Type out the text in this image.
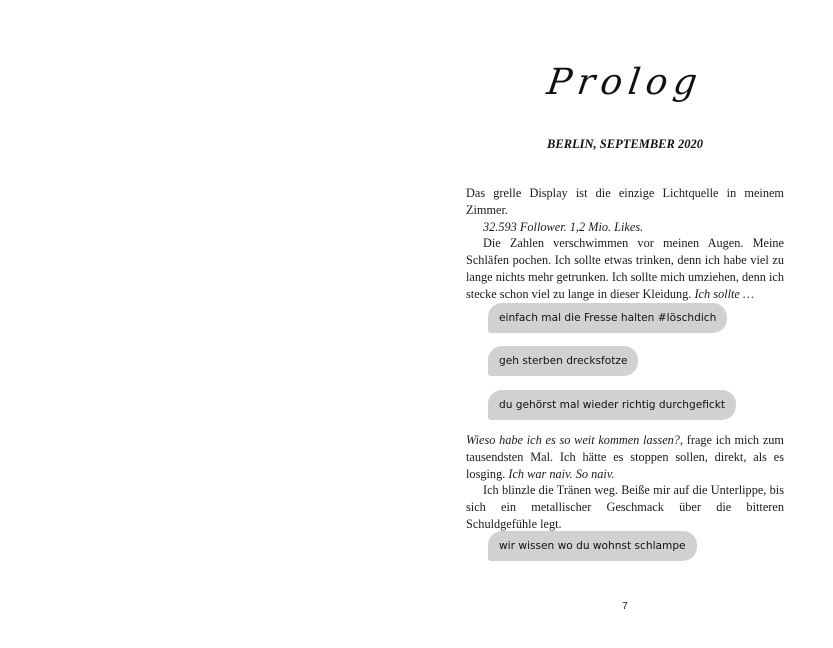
Prolog
BERLIN, SEPTEMBER 2020

Das grelle Display ist die einzige Lichtquelle in meinem Zimmer.

32.593 Follower. 1,2 Mio. Likes.

Die Zahlen verschwimmen vor meinen Augen. Meine Schläfen pochen. Ich sollte etwas trinken, denn ich habe viel zu lange nichts mehr getrunken. Ich sollte mich umziehen, denn ich stecke schon viel zu lange in dieser Kleidung. Ich sollte …

einfach mal die Fresse halten #löschdich
geh sterben drecksfotze
du gehörst mal wieder richtig durchgefickt

Wieso habe ich es so weit kommen lassen?, frage ich mich zum tausendsten Mal. Ich hätte es stoppen sollen, direkt, als es losging. Ich war naiv. So naiv.

Ich blinzle die Tränen weg. Beiße mir auf die Unterlippe, bis sich ein metallischer Geschmack über die bitteren Schuldgefühle legt.

wir wissen wo du wohnst schlampe
7
